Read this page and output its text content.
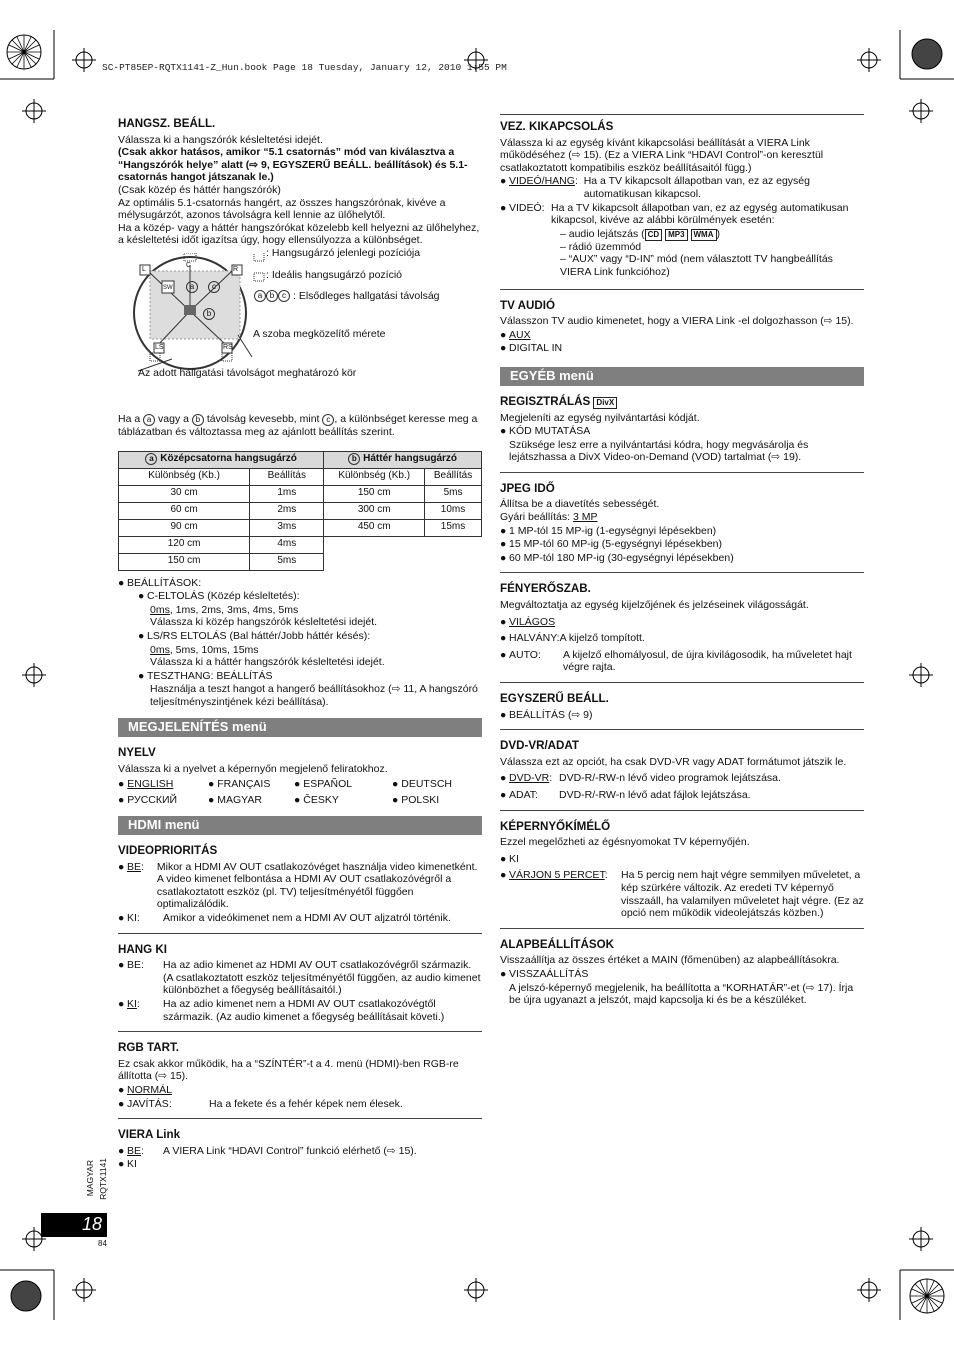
SC-PT85EP-RQTX1141-Z_Hun.book Page 18 Tuesday, January 12, 2010 1:55 PM
18
MAGYAR RQTX1141
84
HANGSZ. BEÁLL.
Válassza ki a hangszórók késleltetési idejét.
(Csak akkor hatásos, amikor “5.1 csatornás” mód van kiválasztva a “Hangszórók helye” alatt (⇨ 9, EGYSZERŰ BEÁLL. beállítások) és 5.1-csatornás hangot játszanak le.)
(Csak közép és háttér hangszórók)
Az optimális 5.1-csatornás hangért, az összes hangszórónak, kivéve a mélysugárzót, azonos távolságra kell lennie az ülőhelytől.
Ha a közép- vagy a háttér hangszórókat közelebb kell helyezni az ülőhelyhez, a késleltetési időt igazítsa úgy, hogy ellensúlyozza a különbséget.
L
C
R
SW
LS	RS
a	c
b
: Hangsugárzó jelenlegi pozíciója
: Ideális hangsugárzó pozíció
a b c : Elsődleges hallgatási távolság
A szoba megközelítő mérete
Az adott hallgatási távolságot meghatározó kör
Ha a a vagy a b távolság kevesebb, mint c , a különbséget keresse meg a táblázatban és változtassa meg az ajánlott beállítás szerint.
a Középcsatorna hangsugárzó		b Háttér hangsugárzó	
Különbség (Kb.)	Beállítás	Különbség (Kb.)	Beállítás
30 cm	1ms	150 cm	5ms
60 cm	2ms	300 cm	10ms
90 cm	3ms	450 cm	15ms
120 cm	4ms		
150 cm	5ms		
● BEÁLLÍTÁSOK:
● C-ELTOLÁS (Közép késleltetés):
0ms, 1ms, 2ms, 3ms, 4ms, 5ms
Válassza ki közép hangszórók késleltetési idejét.
● LS/RS ELTOLÁS (Bal háttér/Jobb háttér késés):
0ms, 5ms, 10ms, 15ms
Válassza ki a háttér hangszórók késleltetési idejét.
● TESZTHANG: BEÁLLÍTÁS
Használja a teszt hangot a hangerő beállításokhoz (⇨ 11, A hangszóró teljesítményszintjének kézi beállítása).
MEGJELENÍTÉS menü
NYELV
Válassza ki a nyelvet a képernyőn megjelenő feliratokhoz.
● ENGLISH	● FRANÇAIS	● ESPAÑOL	● DEUTSCH
● РУССКИЙ	● MAGYAR	● ČESKY	● POLSKI
HDMI menü
VIDEOPRIORITÁS
● BE : Mikor a HDMI AV OUT csatlakozóvéget használja video kimenetként. A video kimenet felbontása a HDMI AV OUT csatlakozóvégről a csatlakoztatott eszköz (pl. TV) teljesítményétől függően optimalizálódik.
● KI:	Amikor a videókimenet nem a HDMI AV OUT aljzatról történik.
HANG KI
● BE:	Ha az adio kimenet az HDMI AV OUT csatlakozóvégről származik. (A csatlakoztatott eszköz teljesítményétől függően, az audio kimenet különbözhet a főegység beállításaitól.)
● KI:	Ha az adio kimenet nem a HDMI AV OUT csatlakozóvégtől származik. (Az audio kimenet a főegység beállításait követi.)
RGB TART.
Ez csak akkor működik, ha a “SZÍNTÉR”-t a 4. menü (HDMI)-ben RGB-re állította (⇨ 15).
● NORMÁL
● JAVÍTÁS:	Ha a fekete és a fehér képek nem élesek.
VIERA Link
● BE:	A VIERA Link “HDAVI Control” funkció elérhető (⇨ 15).
● KI
VEZ. KIKAPCSOLÁS
Válassza ki az egység kívánt kikapcsolási beállítását a VIERA Link működéséhez (⇨ 15). (Ez a VIERA Link “HDAVI Control”-on keresztül csatlakoztatott kompatibilis eszköz beállításaitól függ.)
● VIDEÓ/HANG: Ha a TV kikapcsolt állapotban van, ez az egység automatikusan kikapcsol.
● VIDEÓ: Ha a TV kikapcsolt állapotban van, ez az egység automatikusan kikapcsol, kivéve az alábbi körülmények esetén:
– audio lejátszás ( CD MP3 WMA )
– rádió üzemmód
– “AUX” vagy “D-IN” mód (nem választott TV hangbeállítás VIERA Link funkcióhoz)
TV AUDIÓ
Válasszon TV audio kimenetet, hogy a VIERA Link -el dolgozhasson (⇨ 15).
● AUX
● DIGITAL IN
EGYÉB menü
REGISZTRÁLÁS DivX
Megjeleníti az egység nyilvántartási kódját.
● KÓD MUTATÁSA
Szüksége lesz erre a nyilvántartási kódra, hogy megvásárolja és lejátszhassa a DivX Video-on-Demand (VOD) tartalmat (⇨ 19).
JPEG IDŐ
Állítsa be a diavetítés sebességét.
Gyári beállítás: 3 MP
● 1 MP-tól 15 MP-ig (1-egységnyi lépésekben)
● 15 MP-tól 60 MP-ig (5-egységnyi lépésekben)
● 60 MP-tól 180 MP-ig (30-egységnyi lépésekben)
FÉNYERŐSZAB.
Megváltoztatja az egység kijelzőjének és jelzéseinek világosságát.
● VILÁGOS
● HALVÁNY:A kijelző tompított.
● AUTO:	A kijelző elhomályosul, de újra kivilágosodik, ha műveletet hajt végre rajta.
EGYSZERŰ BEÁLL.
● BEÁLLÍTÁS (⇨ 9)
DVD-VR/ADAT
Válassza ezt az opciót, ha csak DVD-VR vagy ADAT formátumot játszik le.
● DVD-VR: DVD-R/-RW-n lévő video programok lejátszása.
● ADAT:	DVD-R/-RW-n lévő adat fájlok lejátszása.
KÉPERNYŐKÍMÉLŐ
Ezzel megelőzheti az égésnyomokat TV képernyőjén.
● KI
● VÁRJON 5 PERCET:	Ha 5 percig nem hajt végre semmilyen műveletet, a kép szürkére változik. Az eredeti TV képernyő visszaáll, ha valamilyen műveletet hajt végre. (Ez az opció nem működik videolejátszás közben.)
ALAPBEÁLLÍTÁSOK
Visszaállítja az összes értéket a MAIN (főmenüben) az alapbeállításokra.
● VISSZAÁLLÍTÁS
A jelszó-képernyő megjelenik, ha beállította a “KORHATÁR”-et (⇨ 17). Írja be újra ugyanazt a jelszót, majd kapcsolja ki és be a készüléket.
